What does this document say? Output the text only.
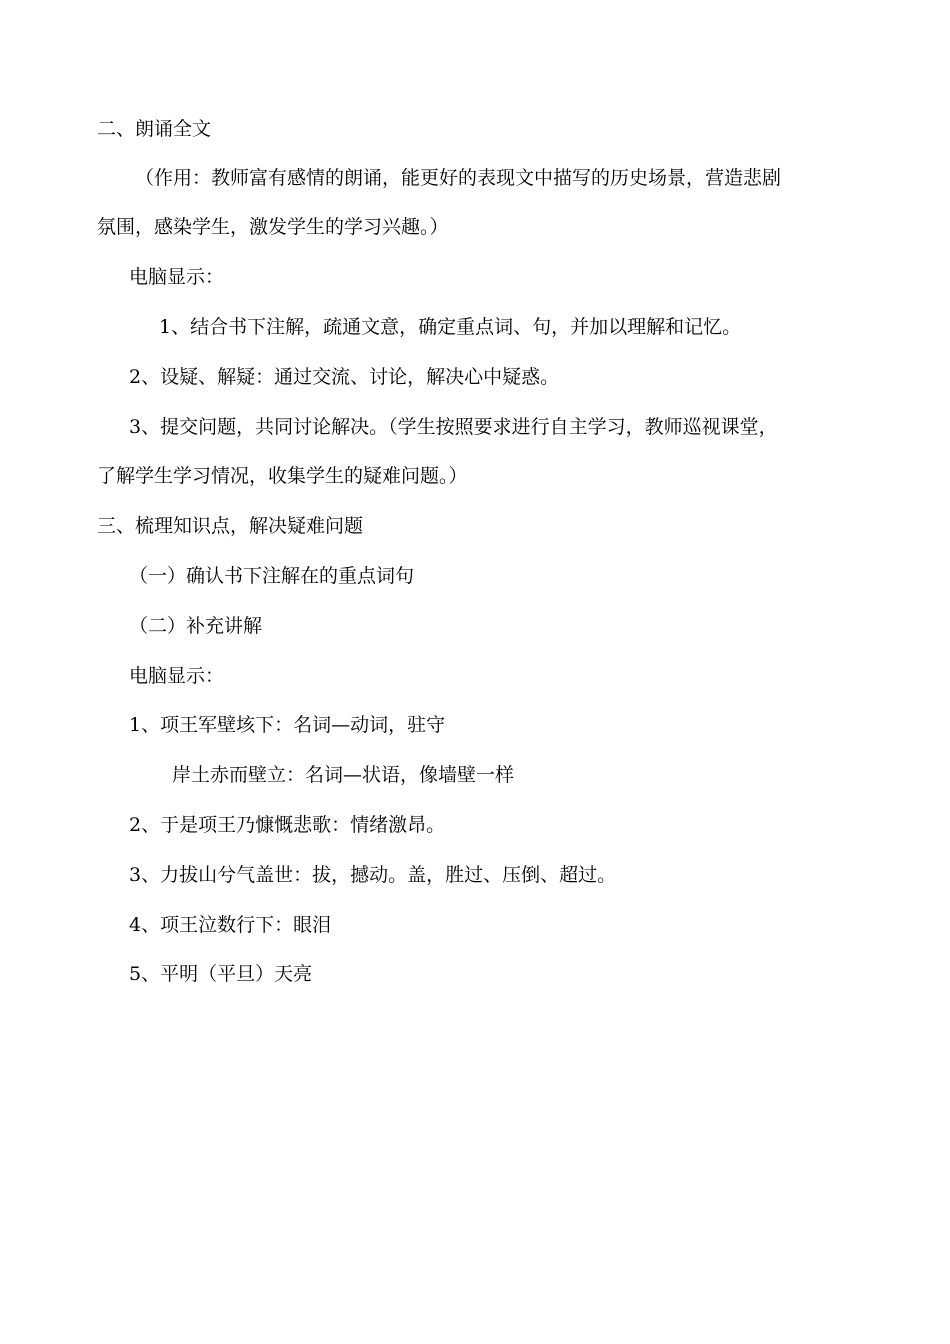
二、朗诵全文
（作用：教师富有感情的朗诵，能更好的表现文中描写的历史场景，营造悲剧
氛围，感染学生，激发学生的学习兴趣。）
电脑显示：
1、结合书下注解，疏通文意，确定重点词、句，并加以理解和记忆。
2、设疑、解疑：通过交流、讨论，解决心中疑惑。
3、提交问题，共同讨论解决。（学生按照要求进行自主学习，教师巡视课堂，
了解学生学习情况，收集学生的疑难问题。）
三、梳理知识点，解决疑难问题
（一）确认书下注解在的重点词句
（二）补充讲解
电脑显示：
1、项王军壁垓下：名词—动词，驻守
岸土赤而壁立：名词—状语，像墙壁一样
2、于是项王乃慷慨悲歌：情绪激昂。
3、力拔山兮气盖世：拔，撼动。盖，胜过、压倒、超过。
4、项王泣数行下：眼泪
5、平明（平旦）天亮
